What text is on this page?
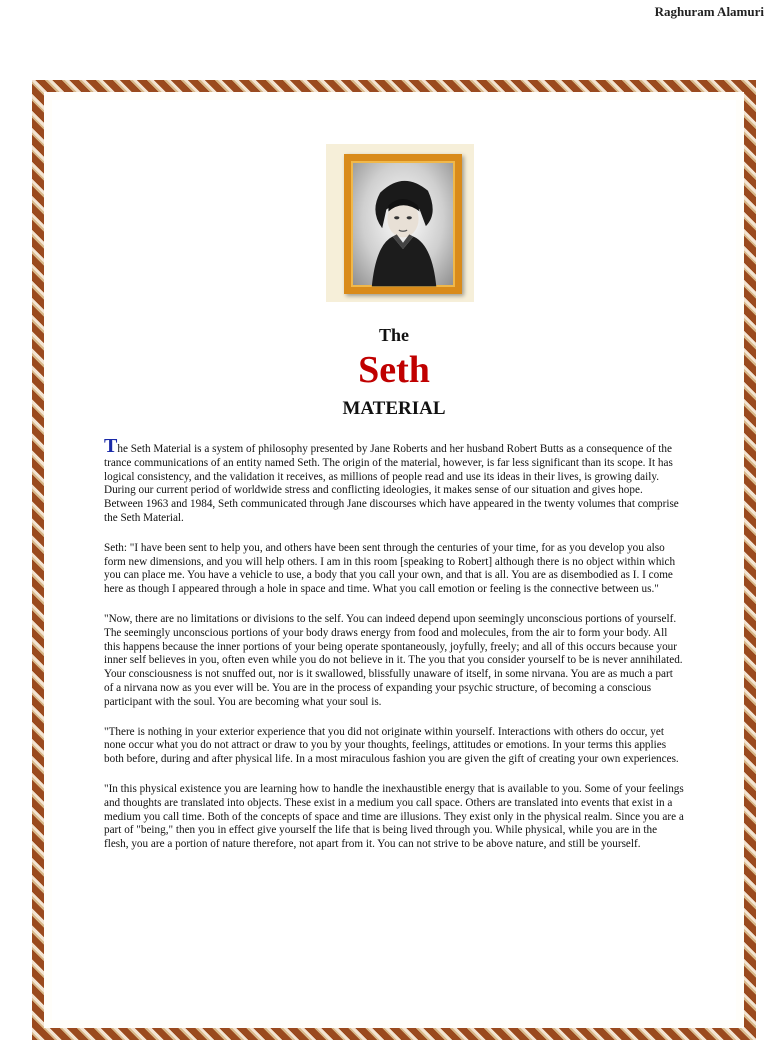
Raghuram Alamuri
The
Seth
MATERIAL

The Seth Material is a system of philosophy presented by Jane Roberts and her husband Robert Butts as a consequence of the trance communications of an entity named Seth. The origin of the material, however, is far less significant than its scope. It has logical consistency, and the validation it receives, as millions of people read and use its ideas in their lives, is growing daily. During our current period of worldwide stress and conflicting ideologies, it makes sense of our situation and gives hope. Between 1963 and 1984, Seth communicated through Jane discourses which have appeared in the twenty volumes that comprise the Seth Material.

Seth: "I have been sent to help you, and others have been sent through the centuries of your time, for as you develop you also form new dimensions, and you will help others. I am in this room [speaking to Robert] although there is no object within which you can place me. You have a vehicle to use, a body that you call your own, and that is all. You are as disembodied as I. I come here as though I appeared through a hole in space and time. What you call emotion or feeling is the connective between us."

"Now, there are no limitations or divisions to the self. You can indeed depend upon seemingly unconscious portions of yourself. The seemingly unconscious portions of your body draws energy from food and molecules, from the air to form your body. All this happens because the inner portions of your being operate spontaneously, joyfully, freely; and all of this occurs because your inner self believes in you, often even while you do not believe in it. The you that you consider yourself to be is never annihilated. Your consciousness is not snuffed out, nor is it swallowed, blissfully unaware of itself, in some nirvana. You are as much a part of a nirvana now as you ever will be. You are in the process of expanding your psychic structure, of becoming a conscious participant with the soul. You are becoming what your soul is.

"There is nothing in your exterior experience that you did not originate within yourself. Interactions with others do occur, yet none occur what you do not attract or draw to you by your thoughts, feelings, attitudes or emotions. In your terms this applies both before, during and after physical life. In a most miraculous fashion you are given the gift of creating your own experiences.

"In this physical existence you are learning how to handle the inexhaustible energy that is available to you. Some of your feelings and thoughts are translated into objects. These exist in a medium you call space. Others are translated into events that exist in a medium you call time. Both of the concepts of space and time are illusions. They exist only in the physical realm. Since you are a part of "being," then you in effect give yourself the life that is being lived through you. While physical, while you are in the flesh, you are a portion of nature therefore, not apart from it. You can not strive to be above nature, and still be yourself.
